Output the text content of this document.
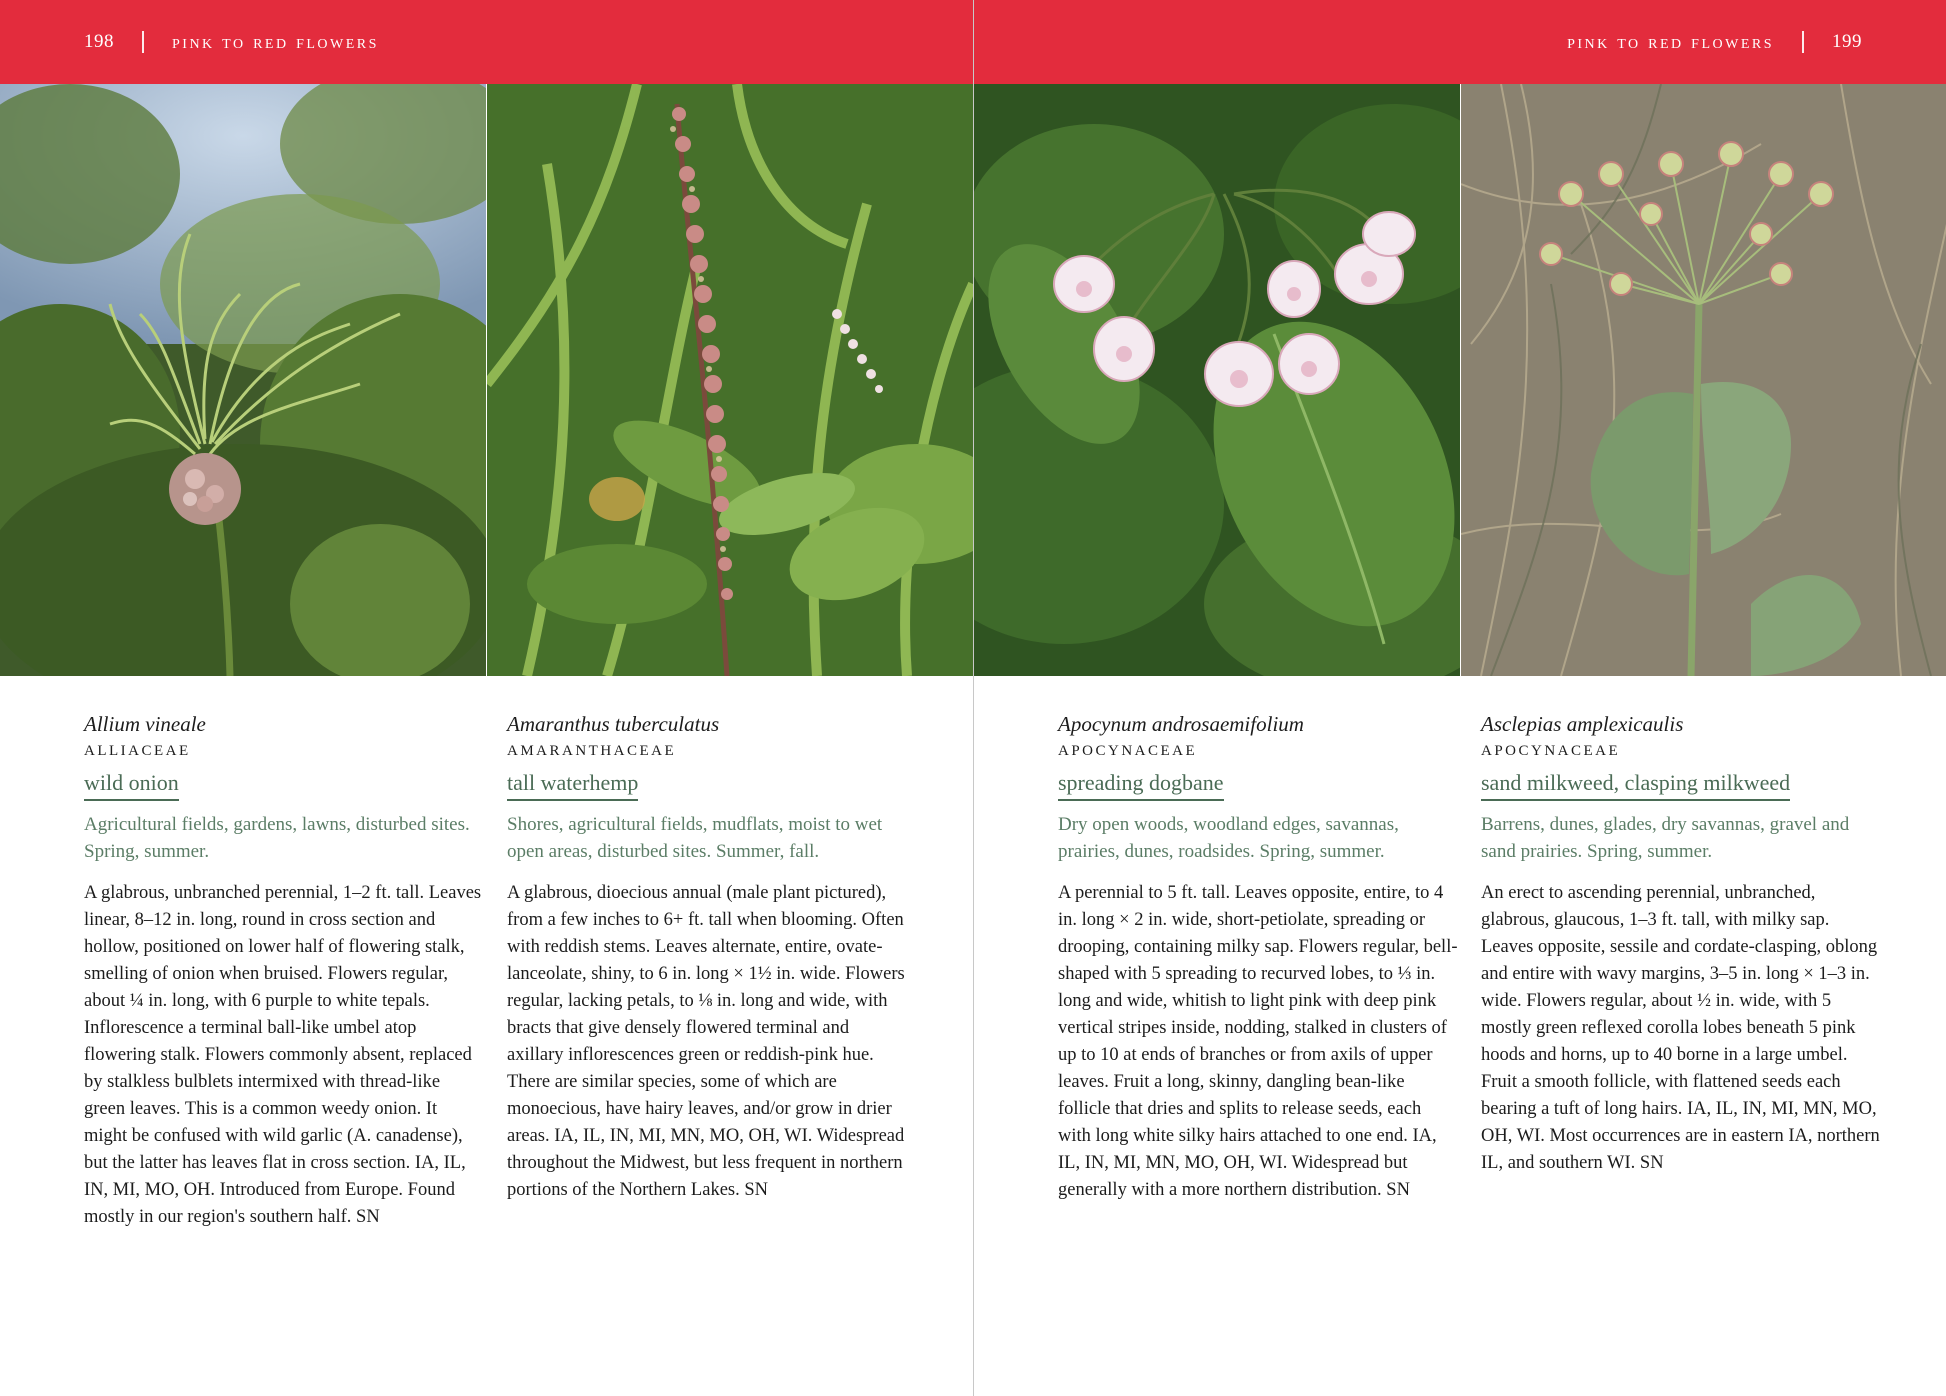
198	pink to red flowers

Allium vineale

ALLIACEAE

wild onion

Agricultural fields, gardens, lawns, disturbed sites. Spring, summer.

A glabrous, unbranched perennial, 1–2 ft. tall. Leaves linear, 8–12 in. long, round in cross section and hollow, positioned on lower half of flowering stalk, smelling of onion when bruised. Flowers regular, about ¼ in. long, with 6 purple to white tepals. Inflorescence a terminal ball-like umbel atop flowering stalk. Flowers commonly absent, replaced by stalkless bulblets intermixed with thread-like green leaves. This is a common weedy onion. It might be confused with wild garlic (A. canadense), but the latter has leaves flat in cross section. IA, IL, IN, MI, MO, OH. Introduced from Europe. Found mostly in our region's southern half. SN

Amaranthus tuberculatus

AMARANTHACEAE

tall waterhemp

Shores, agricultural fields, mudflats, moist to wet open areas, disturbed sites. Summer, fall.

A glabrous, dioecious annual (male plant pictured), from a few inches to 6+ ft. tall when blooming. Often with reddish stems. Leaves alternate, entire, ovate-lanceolate, shiny, to 6 in. long × 1½ in. wide. Flowers regular, lacking petals, to ⅛ in. long and wide, with bracts that give densely flowered terminal and axillary inflorescences green or reddish-pink hue. There are similar species, some of which are monoecious, have hairy leaves, and/or grow in drier areas. IA, IL, IN, MI, MN, MO, OH, WI. Widespread throughout the Midwest, but less frequent in northern portions of the Northern Lakes. SN

pink to red flowers	199

Apocynum androsaemifolium

APOCYNACEAE

spreading dogbane

Dry open woods, woodland edges, savannas, prairies, dunes, roadsides. Spring, summer.

A perennial to 5 ft. tall. Leaves opposite, entire, to 4 in. long × 2 in. wide, short-petiolate, spreading or drooping, containing milky sap. Flowers regular, bell-shaped with 5 spreading to recurved lobes, to ⅓ in. long and wide, whitish to light pink with deep pink vertical stripes inside, nodding, stalked in clusters of up to 10 at ends of branches or from axils of upper leaves. Fruit a long, skinny, dangling bean-like follicle that dries and splits to release seeds, each with long white silky hairs attached to one end. IA, IL, IN, MI, MN, MO, OH, WI. Widespread but generally with a more northern distribution. SN

Asclepias amplexicaulis

APOCYNACEAE

sand milkweed, clasping milkweed

Barrens, dunes, glades, dry savannas, gravel and sand prairies. Spring, summer.

An erect to ascending perennial, unbranched, glabrous, glaucous, 1–3 ft. tall, with milky sap. Leaves opposite, sessile and cordate-clasping, oblong and entire with wavy margins, 3–5 in. long × 1–3 in. wide. Flowers regular, about ½ in. wide, with 5 mostly green reflexed corolla lobes beneath 5 pink hoods and horns, up to 40 borne in a large umbel. Fruit a smooth follicle, with flattened seeds each bearing a tuft of long hairs. IA, IL, IN, MI, MN, MO, OH, WI. Most occurrences are in eastern IA, northern IL, and southern WI. SN
